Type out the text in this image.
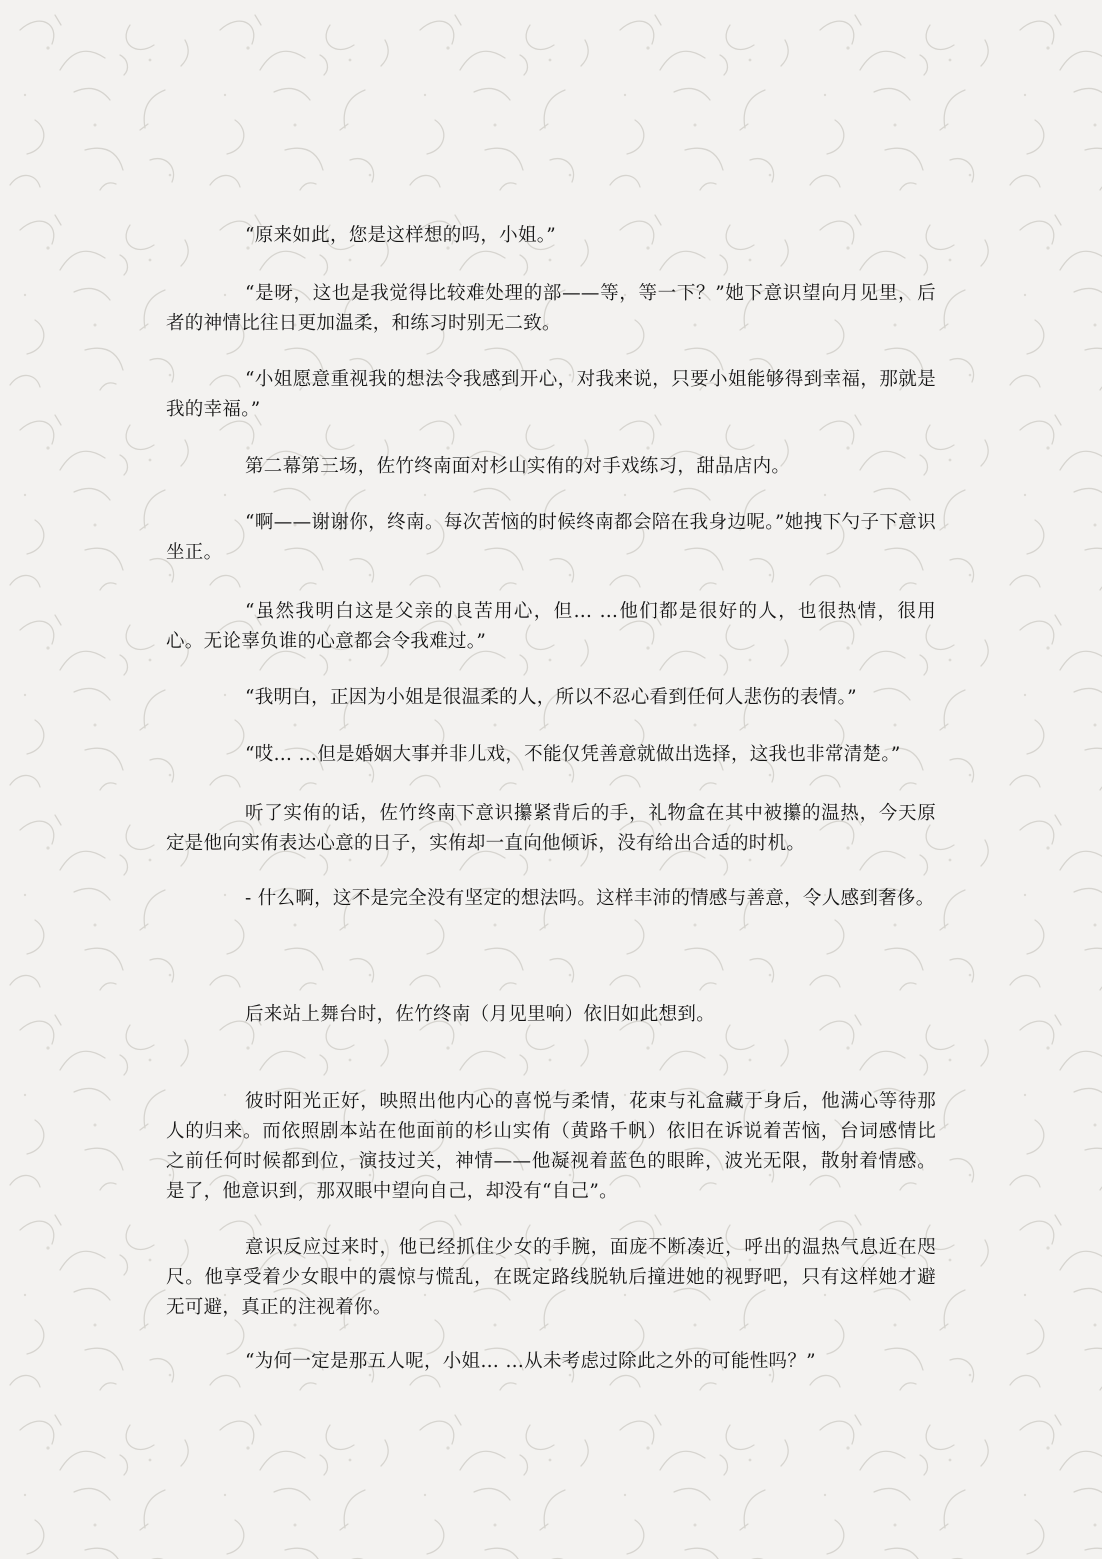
“原来如此，您是这样想的吗，小姐。”

“是呀，这也是我觉得比较难处理的部——等，等一下？”她下意识望向月见里，后者的神情比往日更加温柔，和练习时别无二致。

“小姐愿意重视我的想法令我感到开心，对我来说，只要小姐能够得到幸福，那就是我的幸福。”

第二幕第三场，佐竹终南面对杉山实侑的对手戏练习，甜品店内。

“啊——谢谢你，终南。每次苦恼的时候终南都会陪在我身边呢。”她拽下勺子下意识坐正。

“虽然我明白这是父亲的良苦用心，但… …他们都是很好的人，也很热情，很用心。无论辜负谁的心意都会令我难过。”

“我明白，正因为小姐是很温柔的人，所以不忍心看到任何人悲伤的表情。”

“哎… …但是婚姻大事并非儿戏，不能仅凭善意就做出选择，这我也非常清楚。”

听了实侑的话，佐竹终南下意识攥紧背后的手，礼物盒在其中被攥的温热，今天原定是他向实侑表达心意的日子，实侑却一直向他倾诉，没有给出合适的时机。

- 什么啊，这不是完全没有坚定的想法吗。这样丰沛的情感与善意，令人感到奢侈。

后来站上舞台时，佐竹终南（月见里响）依旧如此想到。

彼时阳光正好，映照出他内心的喜悦与柔情，花束与礼盒藏于身后，他满心等待那人的归来。而依照剧本站在他面前的杉山实侑（黄路千帆）依旧在诉说着苦恼，台词感情比之前任何时候都到位，演技过关，神情——他凝视着蓝色的眼眸，波光无限，散射着情感。是了，他意识到，那双眼中望向自己，却没有“自己”。

意识反应过来时，他已经抓住少女的手腕，面庞不断凑近，呼出的温热气息近在咫尺。他享受着少女眼中的震惊与慌乱，在既定路线脱轨后撞进她的视野吧，只有这样她才避无可避，真正的注视着你。

“为何一定是那五人呢，小姐… …从未考虑过除此之外的可能性吗？”
